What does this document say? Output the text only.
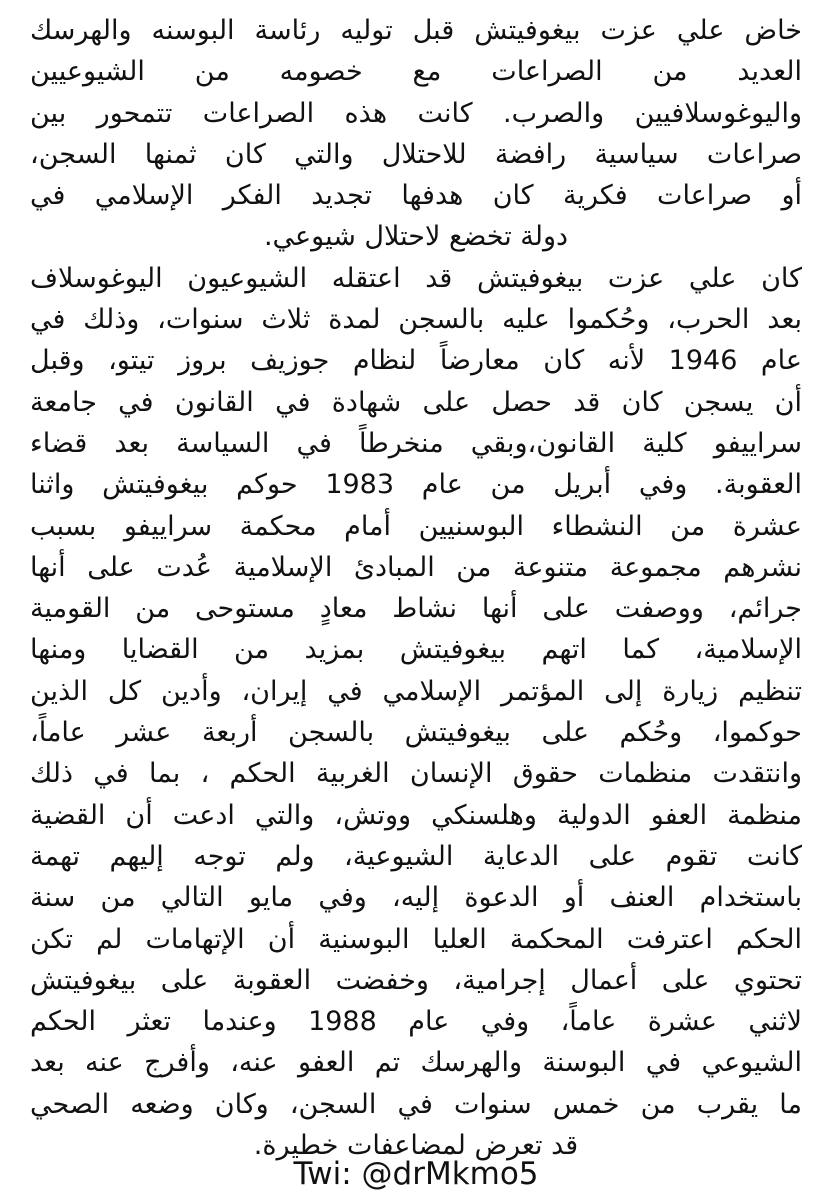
خاض علي عزت بيغوفيتش قبل توليه رئاسة البوسنه والهرسك
العديد من الصراعات مع خصومه من الشيوعيين
واليوغوسلافيين والصرب. كانت هذه الصراعات تتمحور بين
صراعات سياسية رافضة للاحتلال والتي كان ثمنها السجن،
أو صراعات فكرية كان هدفها تجديد الفكر الإسلامي في
دولة تخضع لاحتلال شيوعي.
كان علي عزت بيغوفيتش قد اعتقله الشيوعيون اليوغوسلاف
بعد الحرب، وحُكموا عليه بالسجن لمدة ثلاث سنوات، وذلك في
عام 1946 لأنه كان معارضاً لنظام جوزيف بروز تيتو، وقبل
أن يسجن كان قد حصل على شهادة في القانون في جامعة
سراييفو كلية القانون،وبقي منخرطاً في السياسة بعد قضاء
العقوبة. وفي أبريل من عام 1983 حوكم بيغوفيتش واثنا
عشرة من النشطاء البوسنيين أمام محكمة سراييفو بسبب
نشرهم مجموعة متنوعة من المبادئ الإسلامية عُدت على أنها
جرائم، ووصفت على أنها نشاط معادٍ مستوحى من القومية
الإسلامية، كما اتهم بيغوفيتش بمزيد من القضايا ومنها
تنظيم زيارة إلى المؤتمر الإسلامي في إيران، وأدين كل الذين
حوكموا، وحُكم على بيغوفيتش بالسجن أربعة عشر عاماً،
وانتقدت منظمات حقوق الإنسان الغربية الحكم ، بما في ذلك
منظمة العفو الدولية وهلسنكي ووتش، والتي ادعت أن القضية
كانت تقوم على الدعاية الشيوعية، ولم توجه إليهم تهمة
باستخدام العنف أو الدعوة إليه، وفي مايو التالي من سنة
الحكم اعترفت المحكمة العليا البوسنية أن الإتهامات لم تكن
تحتوي على أعمال إجرامية، وخفضت العقوبة على بيغوفيتش
لاثني عشرة عاماً، وفي عام 1988 وعندما تعثر الحكم
الشيوعي في البوسنة والهرسك تم العفو عنه، وأفرج عنه بعد
ما يقرب من خمس سنوات في السجن، وكان وضعه الصحي
قد تعرض لمضاعفات خطيرة.
Twi: @drMkmo5
